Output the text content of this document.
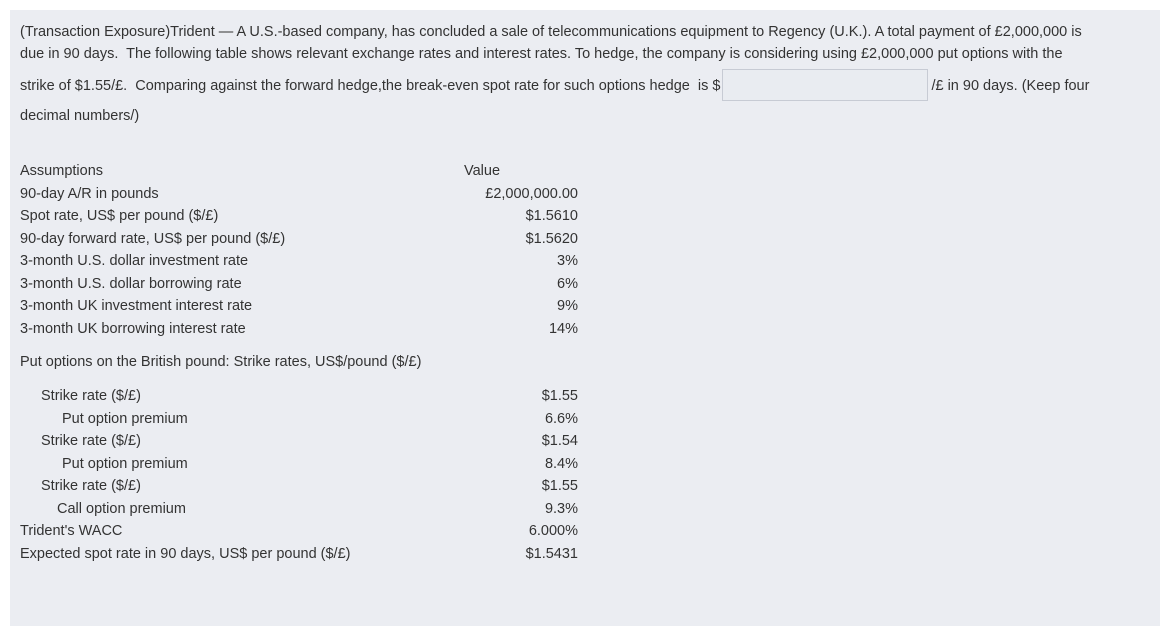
(Transaction Exposure)Trident — A U.S.-based company, has concluded a sale of telecommunications equipment to Regency (U.K.). A total payment of £2,000,000 is
due in 90 days.  The following table shows relevant exchange rates and interest rates. To hedge, the company is considering using £2,000,000 put options with the
strike of $1.55/£.  Comparing against the forward hedge,the break-even spot rate for such options hedge  is $	/£ in 90 days. (Keep four
decimal numbers/)
Assumptions	Value
90-day A/R in pounds	£2,000,000.00
Spot rate, US$ per pound ($/£)	$1.5610
90-day forward rate, US$ per pound ($/£)	$1.5620
3-month U.S. dollar investment rate	3%
3-month U.S. dollar borrowing rate	6%
3-month UK investment interest rate	9%
3-month UK borrowing interest rate	14%
Put options on the British pound: Strike rates, US$/pound ($/£)	
Strike rate ($/£)	$1.55
Put option premium	6.6%
Strike rate ($/£)	$1.54
Put option premium	8.4%
Strike rate ($/£)	$1.55
Call option premium	9.3%
Trident's WACC	6.000%
Expected spot rate in 90 days, US$ per pound ($/£)	$1.5431
